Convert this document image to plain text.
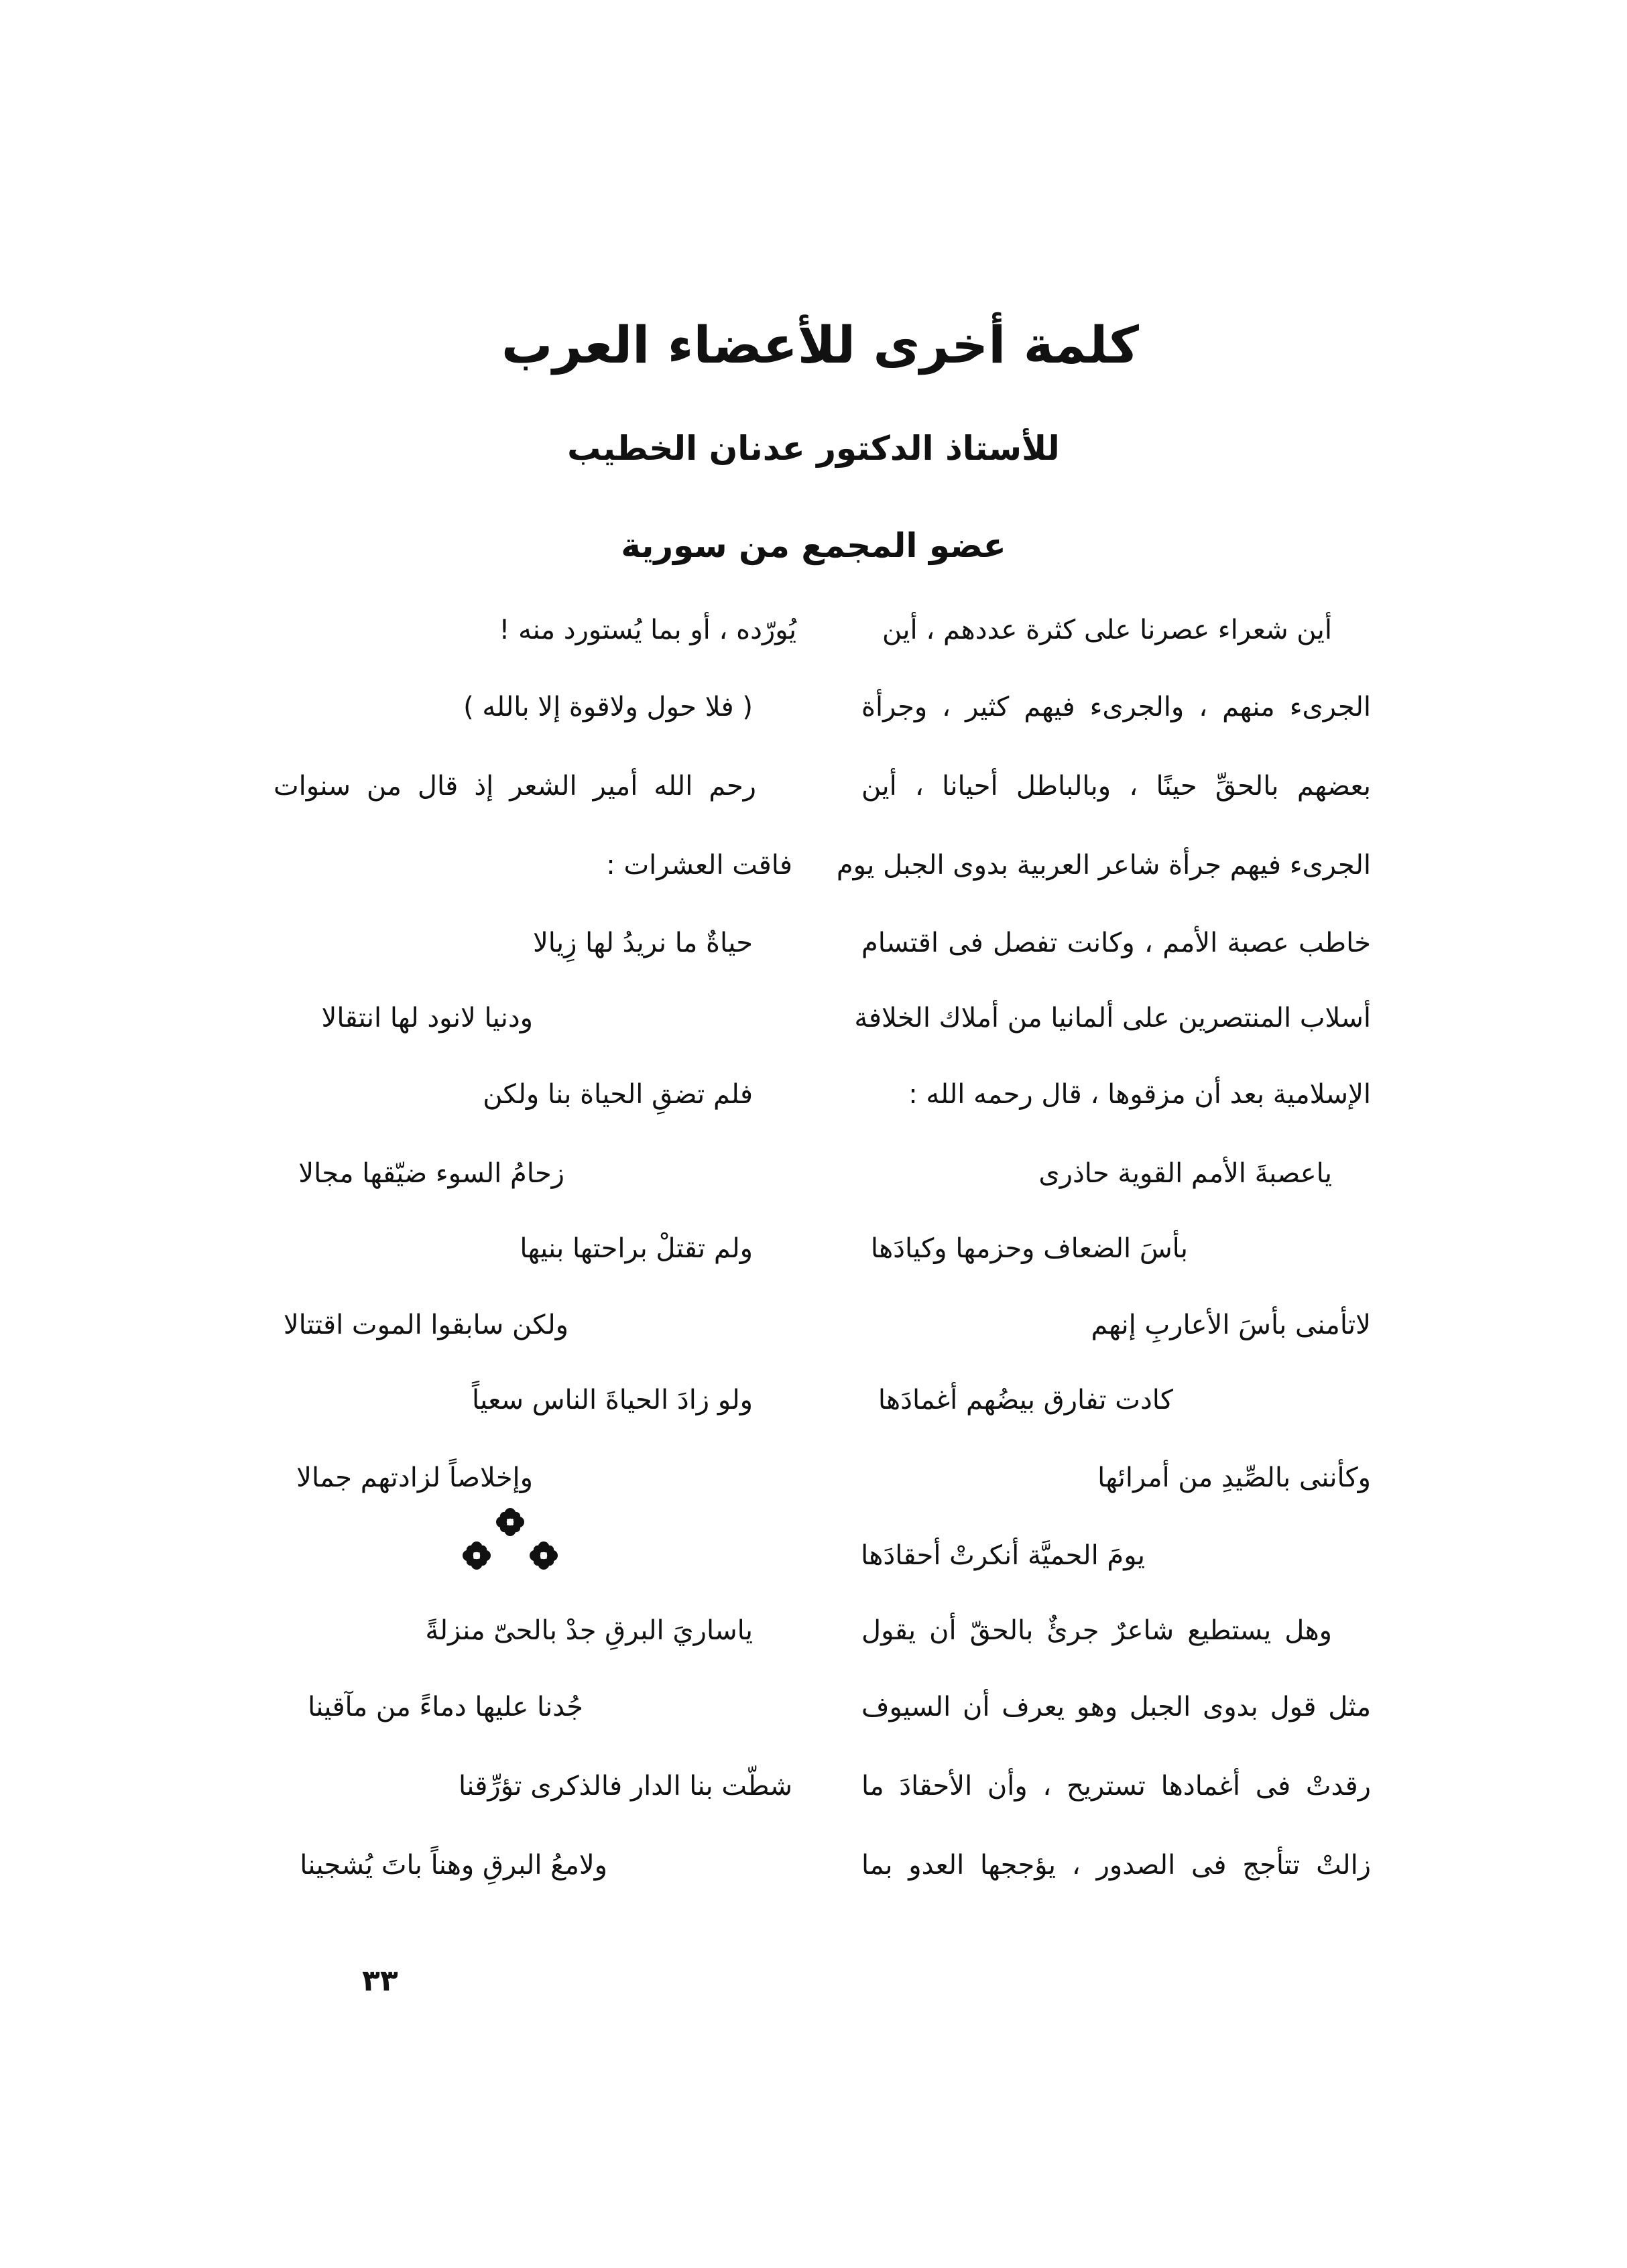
كلمة أخرى للأعضاء العرب
للأستاذ الدكتور عدنان الخطيب
عضو المجمع من سورية
أين شعراء عصرنا على كثرة عددهم ، أين
الجرىء منهم ، والجرىء فيهم كثير ، وجرأة
بعضهم بالحقِّ حينًا ، وبالباطل أحيانا ، أين
الجرىء فيهم جرأة شاعر العربية بدوى الجبل يوم
خاطب عصبة الأمم ، وكانت تفصل فى اقتسام
أسلاب المنتصرين على ألمانيا من أملاك الخلافة
الإسلامية بعد أن مزقوها ، قال رحمه الله :
ياعصبةَ الأمم القوية حاذرى
بأسَ الضعاف وحزمها وكيادَها
لاتأمنى بأسَ الأعاربِ إنهم
كادت تفارق بيضُهم أغمادَها
وكأننى بالصِّيدِ من أمرائها
يومَ الحميَّة أنكرتْ أحقادَها
وهل يستطيع شاعرٌ جرئٌ بالحقّ أن يقول
مثل قول بدوى الجبل وهو يعرف أن السيوف
رقدتْ فى أغمادها تستريح ، وأن الأحقادَ ما
زالتْ تتأجج فى الصدور ، يؤججها العدو بما
يُورّده ، أو بما يُستورد منه !
( فلا حول ولاقوة إلا بالله )
رحم الله أمير الشعر إذ قال من سنوات
فاقت العشرات :
حياةٌ ما نريدُ لها زِيالا
ودنيا لانود لها انتقالا
فلم تضقِ الحياة بنا ولكن
زحامُ السوء ضيّقها مجالا
ولم تقتلْ براحتها بنيها
ولكن سابقوا الموت اقتتالا
ولو زادَ الحياةَ الناس سعياً
وإخلاصاً لزادتهم جمالا
ياساريَ البرقِ جدْ بالحىّ منزلةً
جُدنا عليها دماءً من مآقينا
شطّت بنا الدار فالذكرى تؤرِّقنا
ولامعُ البرقِ وهناً باتَ يُشجينا
٣٣
